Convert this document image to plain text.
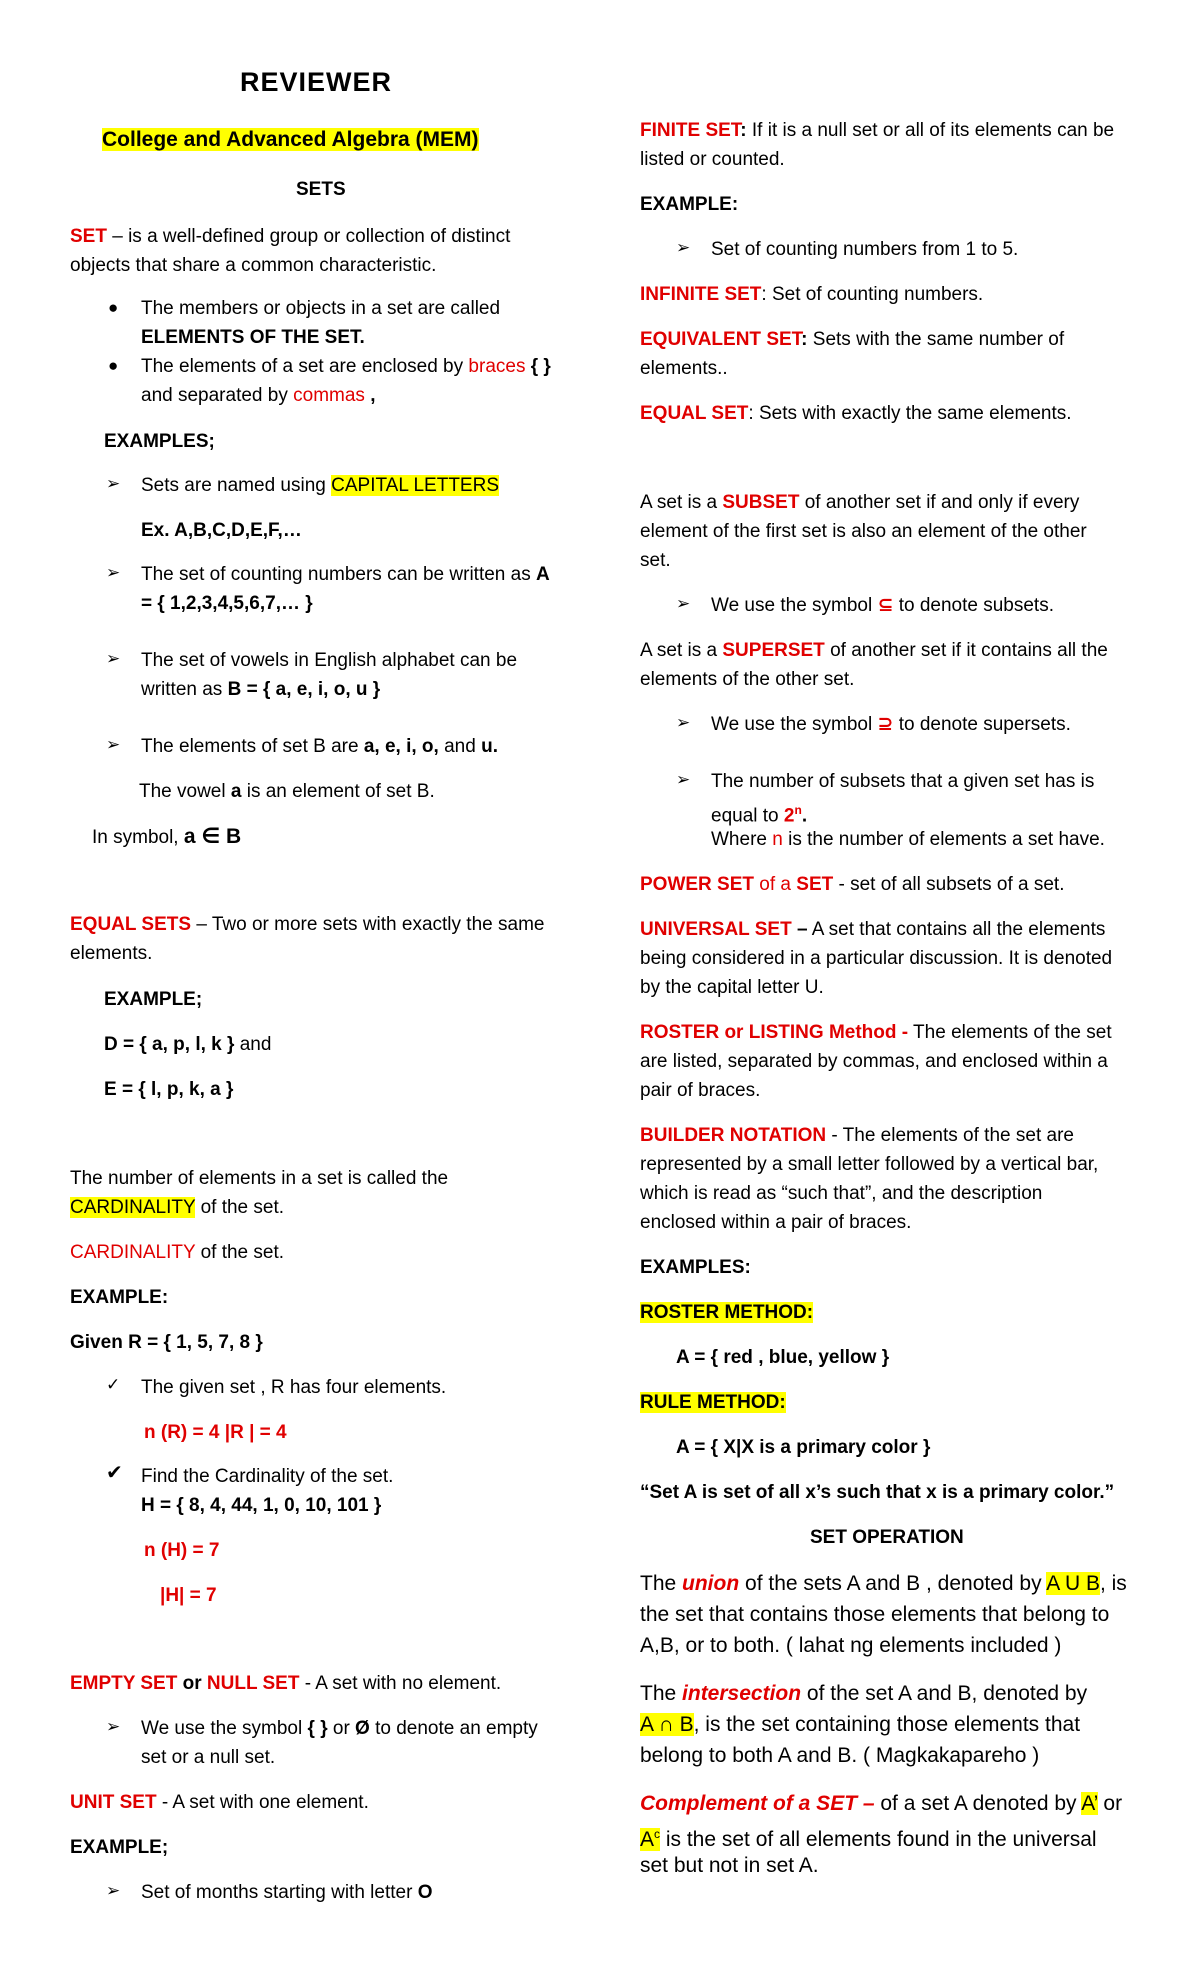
REVIEWER
College and Advanced Algebra (MEM)
SETS
SET – is a well-defined group or collection of distinct
objects that share a common characteristic.
● The members or objects in a set are called
ELEMENTS OF THE SET.
● The elements of a set are enclosed by braces { }
and separated by commas ,
EXAMPLES;
➢ Sets are named using CAPITAL LETTERS
Ex. A,B,C,D,E,F,…
➢ The set of counting numbers can be written as A
= { 1,2,3,4,5,6,7,… }
➢ The set of vowels in English alphabet can be
written as B = { a, e, i, o, u }
➢ The elements of set B are a, e, i, o, and u.
The vowel a is an element of set B.
In symbol, a ∈ B
EQUAL SETS – Two or more sets with exactly the same
elements.
EXAMPLE;
D = { a, p, l, k } and
E = { l, p, k, a }
The number of elements in a set is called the
CARDINALITY of the set.
CARDINALITY of the set.
EXAMPLE:
Given R = { 1, 5, 7, 8 }
✓ The given set , R has four elements.
n (R) = 4 |R | = 4
✔ Find the Cardinality of the set.
H = { 8, 4, 44, 1, 0, 10, 101 }
n (H) = 7
|H| = 7
EMPTY SET or NULL SET - A set with no element.
➢ We use the symbol { } or Ø to denote an empty
set or a null set.
UNIT SET - A set with one element.
EXAMPLE;
➢ Set of months starting with letter O
FINITE SET: If it is a null set or all of its elements can be
listed or counted.
EXAMPLE:
➢ Set of counting numbers from 1 to 5.
INFINITE SET: Set of counting numbers.
EQUIVALENT SET: Sets with the same number of
elements..
EQUAL SET: Sets with exactly the same elements.
A set is a SUBSET of another set if and only if every
element of the first set is also an element of the other
set.
➢ We use the symbol ⊆ to denote subsets.
A set is a SUPERSET of another set if it contains all the
elements of the other set.
➢ We use the symbol ⊇ to denote supersets.
➢ The number of subsets that a given set has is
equal to 2$^n$.
Where n is the number of elements a set have.
POWER SET of a SET - set of all subsets of a set.
UNIVERSAL SET – A set that contains all the elements
being considered in a particular discussion. It is denoted
by the capital letter U.
ROSTER or LISTING Method - The elements of the set
are listed, separated by commas, and enclosed within a
pair of braces.
BUILDER NOTATION - The elements of the set are
represented by a small letter followed by a vertical bar,
which is read as “such that”, and the description
enclosed within a pair of braces.
EXAMPLES:
ROSTER METHOD:
A = { red , blue, yellow }
RULE METHOD:
A = { X|X is a primary color }
“Set A is set of all x’s such that x is a primary color.”
SET OPERATION
The union of the sets A and B , denoted by A U B, is
the set that contains those elements that belong to
A,B, or to both. ( lahat ng elements included )
The intersection of the set A and B, denoted by
A ∩ B, is the set containing those elements that
belong to both A and B. ( Magkakapareho )
Complement of a SET – of a set A denoted by A’ or
$A^c$ is the set of all elements found in the universal
set but not in set A.
